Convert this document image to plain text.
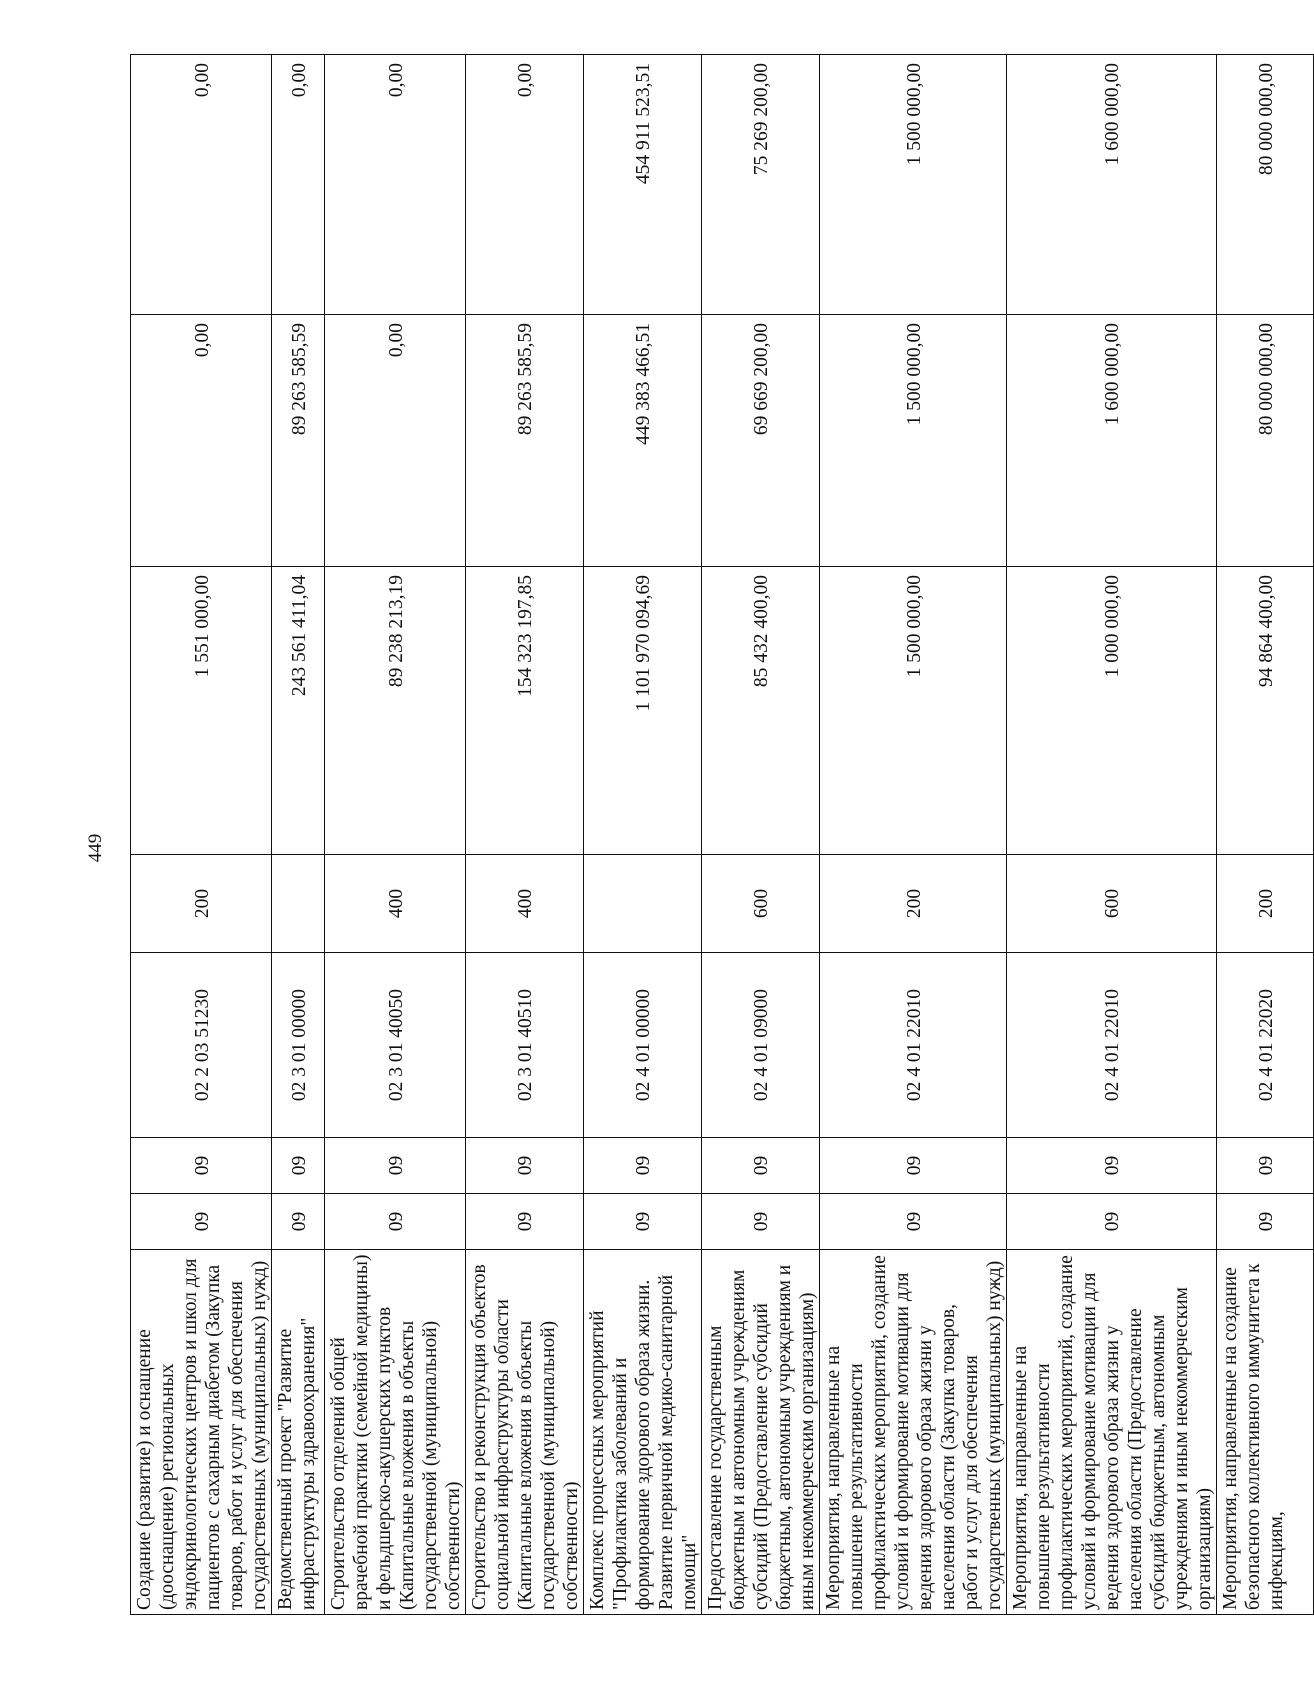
449
Создание (развитие) и оснащение (дооснащение) региональных эндокринологических центров и школ для пациентов с сахарным диабетом (Закупка товаров, работ и услуг для обеспечения государственных (муниципальных) нужд)	09	09	02 2 03 51230	200	1 551 000,00	0,00	0,00
Ведомственный проект "Развитие инфраструктуры здравоохранения"	09	09	02 3 01 00000		243 561 411,04	89 263 585,59	0,00
Строительство отделений общей врачебной практики (семейной медицины) и фельдшерско-акушерских пунктов (Капитальные вложения в объекты государственной (муниципальной) собственности)	09	09	02 3 01 40050	400	89 238 213,19	0,00	0,00
Строительство и реконструкция объектов социальной инфраструктуры области (Капитальные вложения в объекты государственной (муниципальной) собственности)	09	09	02 3 01 40510	400	154 323 197,85	89 263 585,59	0,00
Комплекс процессных мероприятий "Профилактика заболеваний и формирование здорового образа жизни. Развитие первичной медико-санитарной помощи"	09	09	02 4 01 00000		1 101 970 094,69	449 383 466,51	454 911 523,51
Предоставление государственным бюджетным и автономным учреждениям субсидий (Предоставление субсидий бюджетным, автономным учреждениям и иным некоммерческим организациям)	09	09	02 4 01 09000	600	85 432 400,00	69 669 200,00	75 269 200,00
Мероприятия, направленные на повышение результативности профилактических мероприятий, создание условий и формирование мотивации для ведения здорового образа жизни у населения области (Закупка товаров, работ и услуг для обеспечения государственных (муниципальных) нужд)	09	09	02 4 01 22010	200	1 500 000,00	1 500 000,00	1 500 000,00
Мероприятия, направленные на повышение результативности профилактических мероприятий, создание условий и формирование мотивации для ведения здорового образа жизни у населения области (Предоставление субсидий бюджетным, автономным учреждениям и иным некоммерческим организациям)	09	09	02 4 01 22010	600	1 000 000,00	1 600 000,00	1 600 000,00
Мероприятия, направленные на создание безопасного коллективного иммунитета к инфекциям,	09	09	02 4 01 22020	200	94 864 400,00	80 000 000,00	80 000 000,00
